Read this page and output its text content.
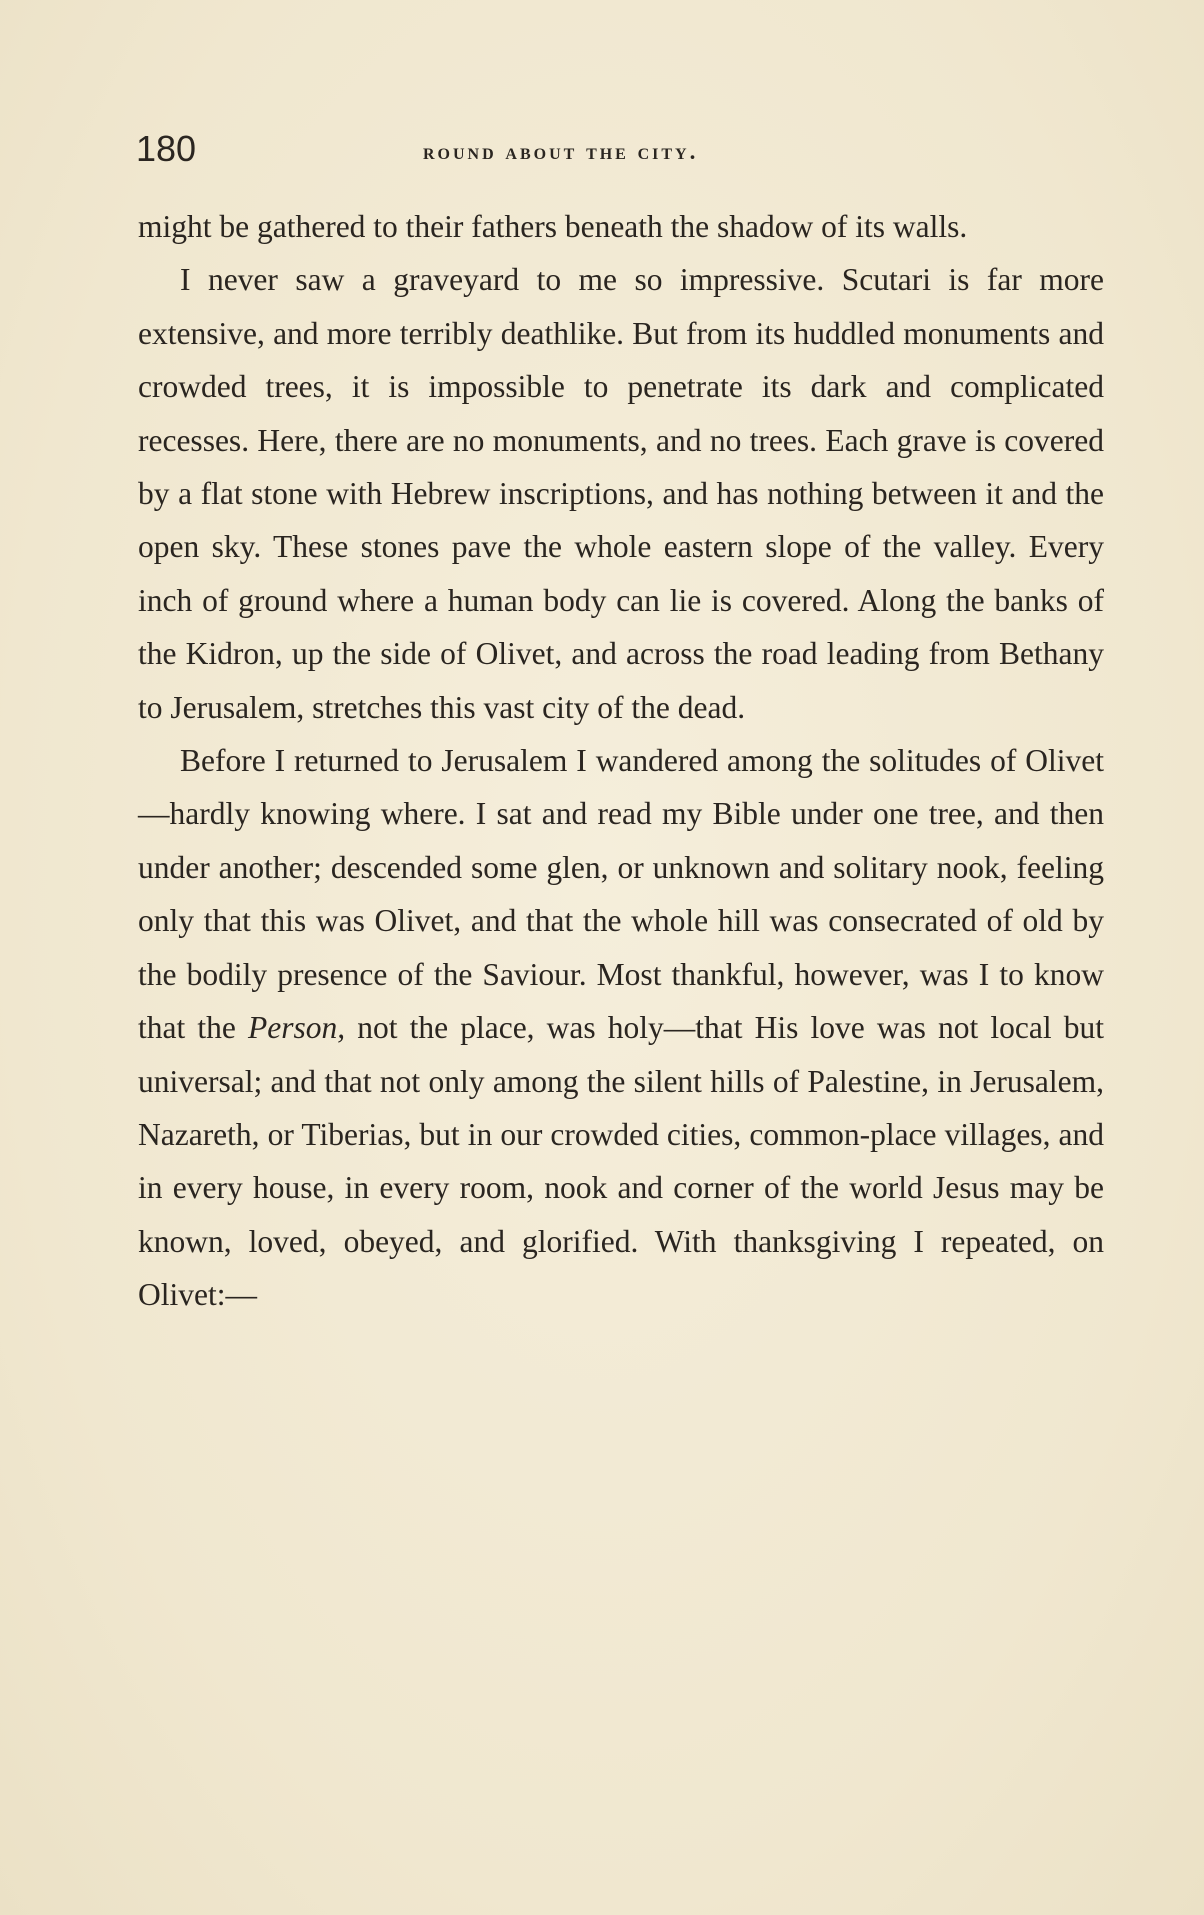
180	round about the city.

might be gathered to their fathers beneath the shadow of its walls.

I never saw a graveyard to me so impressive. Scutari is far more extensive, and more terribly deathlike. But from its huddled monuments and crowded trees, it is impossible to penetrate its dark and complicated recesses. Here, there are no monuments, and no trees. Each grave is covered by a flat stone with Hebrew inscriptions, and has nothing between it and the open sky. These stones pave the whole eastern slope of the valley. Every inch of ground where a human body can lie is covered. Along the banks of the Kidron, up the side of Olivet, and across the road leading from Bethany to Jerusalem, stretches this vast city of the dead.

Before I returned to Jerusalem I wandered among the solitudes of Olivet—hardly knowing where. I sat and read my Bible under one tree, and then under another; descended some glen, or unknown and solitary nook, feeling only that this was Olivet, and that the whole hill was consecrated of old by the bodily presence of the Saviour. Most thankful, however, was I to know that the Person, not the place, was holy—that His love was not local but universal; and that not only among the silent hills of Palestine, in Jerusalem, Nazareth, or Tiberias, but in our crowded cities, common-place villages, and in every house, in every room, nook and corner of the world Jesus may be known, loved, obeyed, and glorified. With thanksgiving I repeated, on Olivet:—
